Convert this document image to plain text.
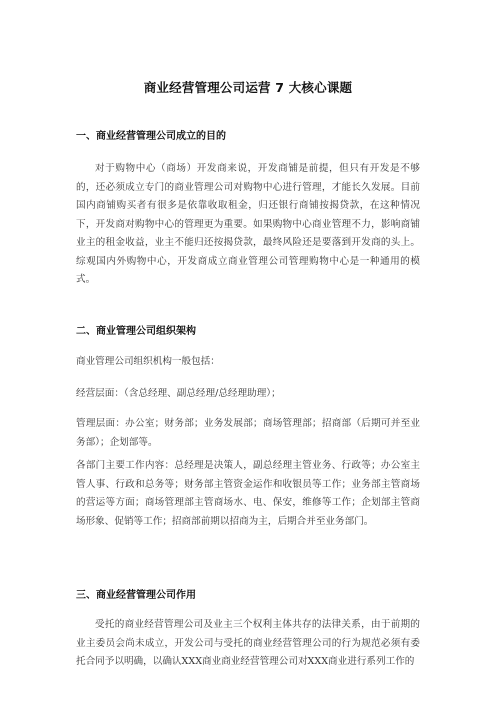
商业经营管理公司运营 7 大核心课题
一、商业经营管理公司成立的目的

对于购物中心（商场）开发商来说，开发商铺是前提，但只有开发是不够的，还必须成立专门的商业管理公司对购物中心进行管理，才能长久发展。目前国内商铺购买者有很多是依靠收取租金，归还银行商铺按揭贷款，在这种情况下，开发商对购物中心的管理更为重要。如果购物中心商业管理不力，影响商铺业主的租金收益，业主不能归还按揭贷款，最终风险还是要落到开发商的头上。综观国内外购物中心，开发商成立商业管理公司管理购物中心是一种通用的模式。

二、商业管理公司组织架构

商业管理公司组织机构一般包括：

经营层面：（含总经理、副总经理/总经理助理）；

管理层面：办公室；财务部；业务发展部；商场管理部；招商部（后期可并至业务部）；企划部等。

各部门主要工作内容：总经理是决策人，副总经理主管业务、行政等；办公室主管人事、行政和总务等；财务部主管资金运作和收银员等工作；业务部主管商场的营运等方面；商场管理部主管商场水、电、保安，维修等工作；企划部主管商场形象、促销等工作；招商部前期以招商为主，后期合并至业务部门。

三、商业经营管理公司作用

受托的商业经营管理公司及业主三个权利主体共存的法律关系，由于前期的业主委员会尚未成立，开发公司与受托的商业经营管理公司的行为规范必须有委托合同予以明确，以确认XXX商业商业经营管理公司对XXX商业进行系列工作的
